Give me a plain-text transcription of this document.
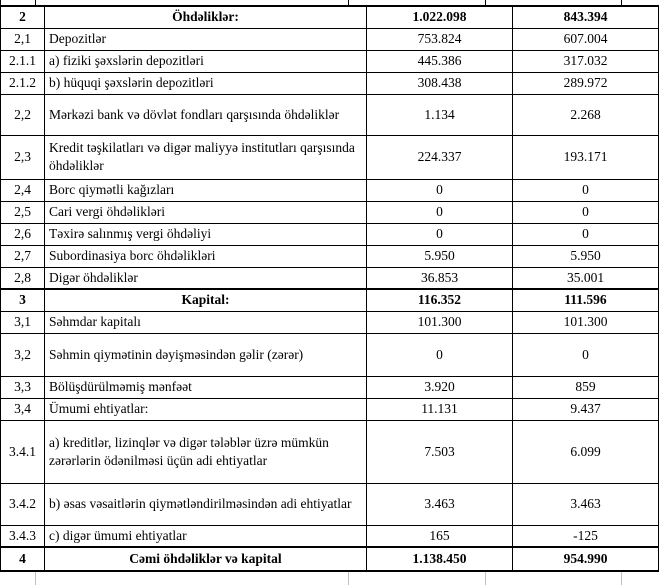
2	Öhdəliklər:	1.022.098	843.394
2,1	Depozitlər	753.824	607.004
2.1.1	a) fiziki şəxslərin depozitləri	445.386	317.032
2.1.2	b) hüquqi şəxslərin depozitləri	308.438	289.972
2,2	Mərkəzi bank və dövlət fondları qarşısında öhdəliklər	1.134	2.268
2,3	Kredit təşkilatları və digər maliyyə institutları qarşısında öhdəliklər	224.337	193.171
2,4	Borc qiymətli kağızları	0	0
2,5	Cari vergi öhdəlikləri	0	0
2,6	Təxirə salınmış vergi öhdəliyi	0	0
2,7	Subordinasiya borc öhdəlikləri	5.950	5.950
2,8	Digər öhdəliklər	36.853	35.001
3	Kapital:	116.352	111.596
3,1	Səhmdar kapitalı	101.300	101.300
3,2	Səhmin qiymətinin dəyişməsindən gəlir (zərər)	0	0
3,3	Bölüşdürülməmiş mənfəət	3.920	859
3,4	Ümumi ehtiyatlar:	11.131	9.437
3.4.1	a) kreditlər, lizinqlər və digər tələblər üzrə mümkün zərərlərin ödənilməsi üçün adi ehtiyatlar	7.503	6.099
3.4.2	b) əsas vəsaitlərin qiymətləndirilməsindən adi ehtiyatlar	3.463	3.463
3.4.3	c) digər ümumi ehtiyatlar	165	-125
4	Cəmi öhdəliklər və kapital	1.138.450	954.990
